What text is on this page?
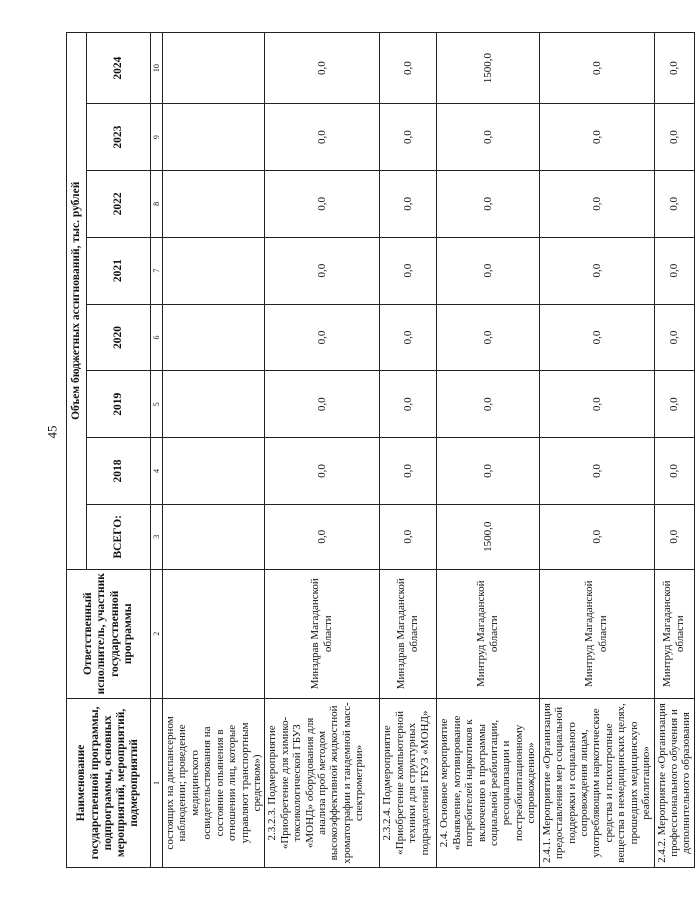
45
Наименование государственной программы, подпрограммы, основных мероприятий, мероприятий, подмероприятий	Ответственный исполнитель, участник государственной программы	Объем бюджетных ассигнований, тыс. рублей							
		ВСЕГО:	2018	2019	2020	2021	2022	2023	2024
1	2	3	4	5	6	7	8	9	10
состоящих на диспансерном наблюдении; проведение медицинского освидетельствования на состояние опьянения в отношении лиц, которые управляют транспортным средством»)									
2.3.2.3. Подмероприятие «Приобретение для химико-токсикологической ГБУЗ «МОНД» оборудования для анализа проб методом высокоэффективной жидкостной хроматографии и тандемной масс-спектрометрии»	Минздрав Магаданской области	0,0	0,0	0,0	0,0	0,0	0,0	0,0	0,0
2.3.2.4. Подмероприятие «Приобретение компьютерной техники для структурных подразделений ГБУЗ «МОНД»	Минздрав Магаданской области	0,0	0,0	0,0	0,0	0,0	0,0	0,0	0,0
2.4. Основное мероприятие «Выявление, мотивирование потребителей наркотиков к включению в программы социальной реабилитации, ресоциализации и постреабилитационному сопровождению»	Минтруд Магаданской области	1500,0	0,0	0,0	0,0	0,0	0,0	0,0	1500,0
2.4.1. Мероприятие «Организация предоставления мер социальной поддержки и социального сопровождения лицам, употребляющим наркотические средства и психотропные вещества в немедицинских целях, прошедших медицинскую реабилитацию»	Минтруд Магаданской области	0,0	0,0	0,0	0,0	0,0	0,0	0,0	0,0
2.4.2. Мероприятие «Организация профессионального обучения и дополнительного образования	Минтруд Магаданской области	0,0	0,0	0,0	0,0	0,0	0,0	0,0	0,0
